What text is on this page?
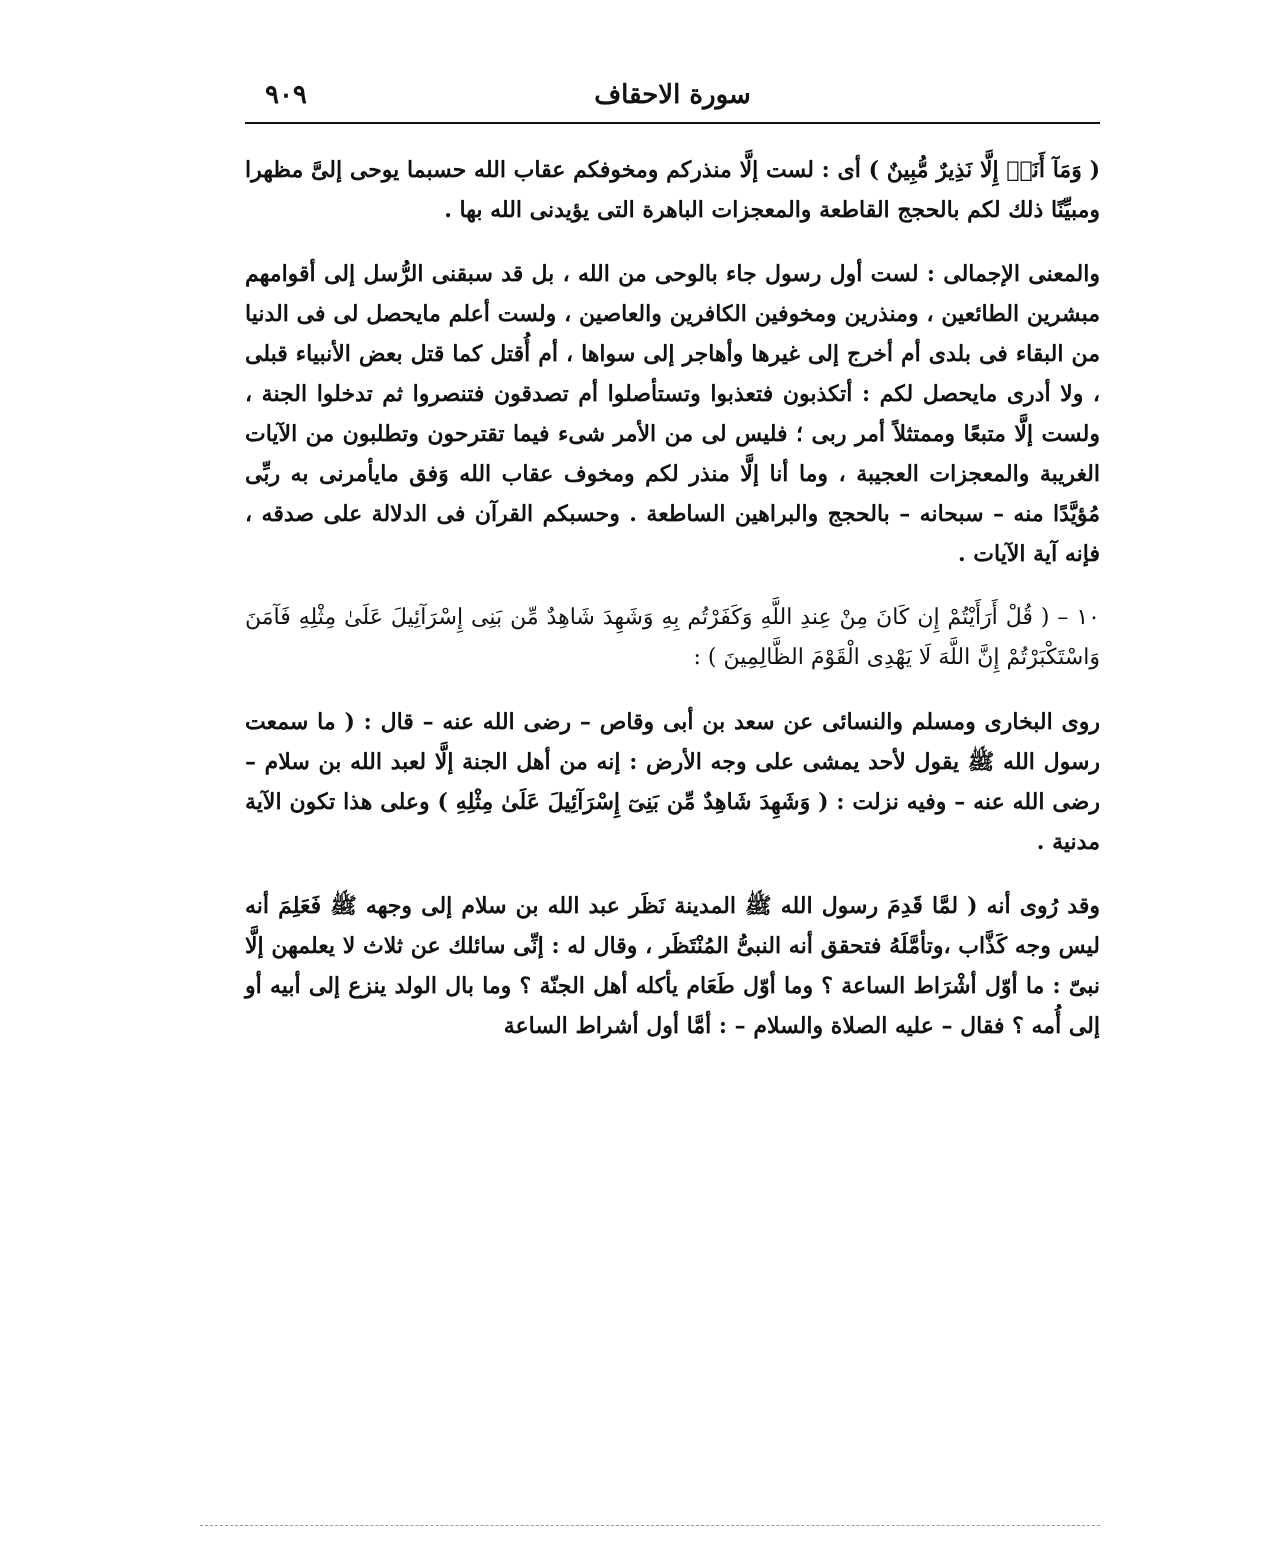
سورة الاحقاف
٩٠٩

( وَمَآ أَنَا۠ إِلَّا نَذِيرٌ مُّبِينٌ ) أى : لست إلَّا منذركم ومخوفكم عقاب الله حسبما يوحى إلىَّ مظهرا ومبيِّنًا ذلك لكم بالحجج القاطعة والمعجزات الباهرة التى يؤيدنى الله بها .

والمعنى الإجمالى : لست أول رسول جاء بالوحى من الله ، بل قد سبقنى الرُّسل إلى أقوامهم مبشرين الطائعين ، ومنذرين ومخوفين الكافرين والعاصين ، ولست أعلم مايحصل لى فى الدنيا من البقاء فى بلدى أم أخرج إلى غيرها وأهاجر إلى سواها ، أم أُقتل كما قتل بعض الأنبياء قبلى ، ولا أدرى مايحصل لكم : أتكذبون فتعذبوا وتستأصلوا أم تصدقون فتنصروا ثم تدخلوا الجنة ، ولست إلَّا متبعًا وممتثلاً أمر ربى ؛ فليس لى من الأمر شىء فيما تقترحون وتطلبون من الآيات الغريبة والمعجزات العجيبة ، وما أنا إلَّا منذر لكم ومخوف عقاب الله وَفق مايأمرنى به ربِّى مُؤيَّدًا منه – سبحانه – بالحجج والبراهين الساطعة . وحسبكم القرآن فى الدلالة على صدقه ، فإنه آية الآيات .

١٠ – ( قُلْ أَرَأَيْتُمْ إِن كَانَ مِنْ عِندِ اللَّهِ وَكَفَرْتُم بِهِ وَشَهِدَ شَاهِدٌ مِّن بَنِى إِسْرَآئِيلَ عَلَىٰ مِثْلِهِ فَآمَنَ وَاسْتَكْبَرْتُمْ إِنَّ اللَّهَ لَا يَهْدِى الْقَوْمَ الظَّالِمِينَ ) :

روى البخارى ومسلم والنسائى عن سعد بن أبى وقاص – رضى الله عنه – قال : ( ما سمعت رسول الله ﷺ يقول لأحد يمشى على وجه الأرض : إنه من أهل الجنة إلَّا لعبد الله بن سلام – رضى الله عنه – وفيه نزلت : ( وَشَهِدَ شَاهِدٌ مِّن بَنِىٓ إِسْرَآئِيلَ عَلَىٰ مِثْلِهِ ) وعلى هذا تكون الآية مدنية .

وقد رُوى أنه ( لمَّا قَدِمَ رسول الله ﷺ المدينة نَظَر عبد الله بن سلام إلى وجهه ﷺ فَعَلِمَ أنه ليس وجه كَذَّاب ،وتأمَّلَهُ فتحقق أنه النبىُّ المُنْتَظَر ، وقال له : إنِّى سائلك عن ثلاث لا يعلمهن إلَّا نبىّ : ما أوّل أشْرَاط الساعة ؟ وما أوّل طَعَام يأكله أهل الجنّة ؟ وما بال الولد ينزع إلى أبيه أو إلى أُمه ؟ فقال – عليه الصلاة والسلام – : أمَّا أول أشراط الساعة
